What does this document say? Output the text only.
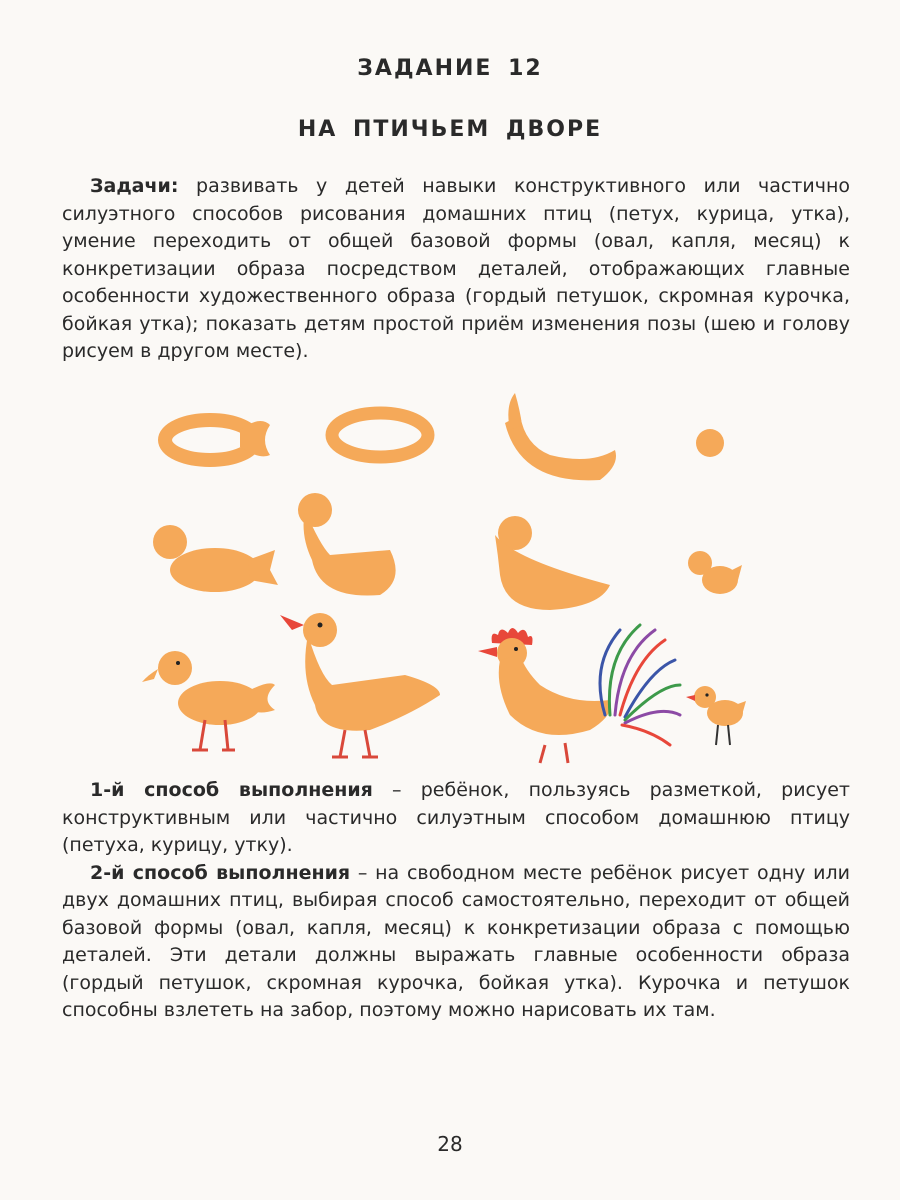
ЗАДАНИЕ 12
НА ПТИЧЬЕМ ДВОРЕ

Задачи: развивать у детей навыки конструктивного или частично силуэтного способов рисования домашних птиц (петух, курица, утка), умение переходить от общей базовой формы (овал, капля, месяц) к конкретизации образа посредством деталей, отображающих главные особенности художественного образа (гордый петушок, скромная курочка, бойкая утка); показать детям простой приём изменения позы (шею и голову рисуем в другом месте).

1-й способ выполнения – ребёнок, пользуясь разметкой, рисует конструктивным или частично силуэтным способом домашнюю птицу (петуха, курицу, утку).

2-й способ выполнения – на свободном месте ребёнок рисует одну или двух домашних птиц, выбирая способ самостоятельно, переходит от общей базовой формы (овал, капля, месяц) к конкретизации образа с помощью деталей. Эти детали должны выражать главные особенности образа (гордый петушок, скромная курочка, бойкая утка). Курочка и петушок способны взлететь на забор, поэтому можно нарисовать их там.

28
